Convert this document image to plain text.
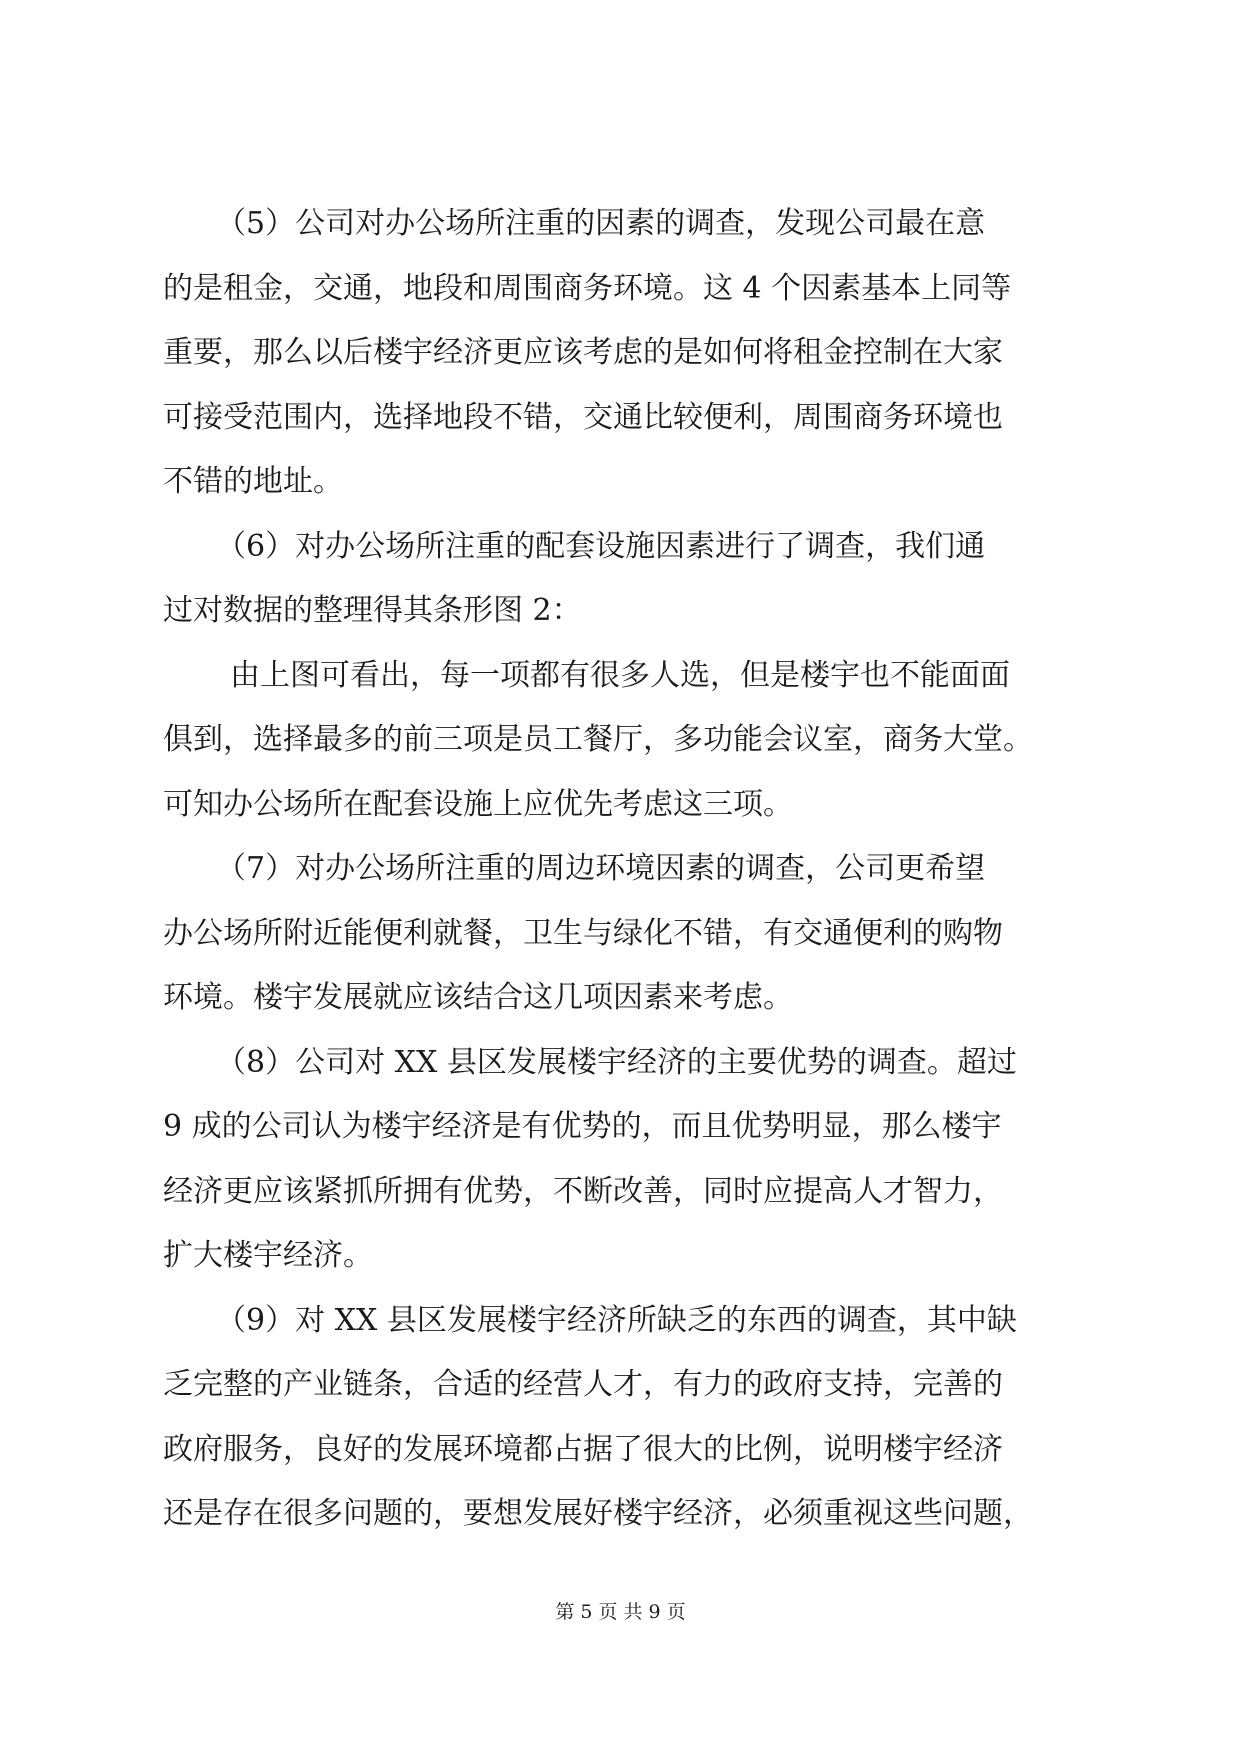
（5）公司对办公场所注重的因素的调查，发现公司最在意
的是租金，交通，地段和周围商务环境。这 4 个因素基本上同等
重要，那么以后楼宇经济更应该考虑的是如何将租金控制在大家
可接受范围内，选择地段不错，交通比较便利，周围商务环境也
不错的地址。
（6）对办公场所注重的配套设施因素进行了调查，我们通
过对数据的整理得其条形图 2：
由上图可看出，每一项都有很多人选，但是楼宇也不能面面
俱到，选择最多的前三项是员工餐厅，多功能会议室，商务大堂。
可知办公场所在配套设施上应优先考虑这三项。
（7）对办公场所注重的周边环境因素的调查，公司更希望
办公场所附近能便利就餐，卫生与绿化不错，有交通便利的购物
环境。楼宇发展就应该结合这几项因素来考虑。
（8）公司对 XX 县区发展楼宇经济的主要优势的调查。超过
9 成的公司认为楼宇经济是有优势的，而且优势明显，那么楼宇
经济更应该紧抓所拥有优势，不断改善，同时应提高人才智力，
扩大楼宇经济。
（9）对 XX 县区发展楼宇经济所缺乏的东西的调查，其中缺
乏完整的产业链条，合适的经营人才，有力的政府支持，完善的
政府服务，良好的发展环境都占据了很大的比例，说明楼宇经济
还是存在很多问题的，要想发展好楼宇经济，必须重视这些问题，
第 5 页 共 9 页
